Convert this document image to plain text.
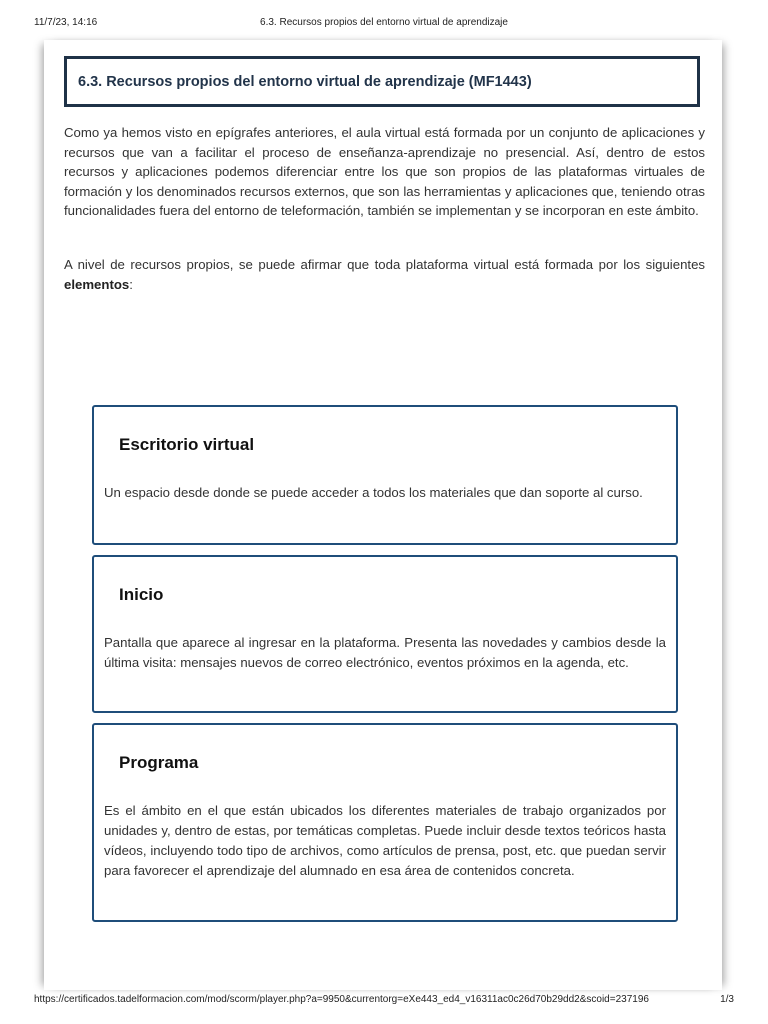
11/7/23, 14:16	6.3. Recursos propios del entorno virtual de aprendizaje
6.3. Recursos propios del entorno virtual de aprendizaje (MF1443)

Como ya hemos visto en epígrafes anteriores, el aula virtual está formada por un conjunto de aplicaciones y recursos que van a facilitar el proceso de enseñanza-aprendizaje no presencial. Así, dentro de estos recursos y aplicaciones podemos diferenciar entre los que son propios de las plataformas virtuales de formación y los denominados recursos externos, que son las herramientas y aplicaciones que, teniendo otras funcionalidades fuera del entorno de teleformación, también se implementan y se incorporan en este ámbito.

A nivel de recursos propios, se puede afirmar que toda plataforma virtual está formada por los siguientes elementos:

Escritorio virtual

Un espacio desde donde se puede acceder a todos los materiales que dan soporte al curso.

Inicio

Pantalla que aparece al ingresar en la plataforma. Presenta las novedades y cambios desde la última visita: mensajes nuevos de correo electrónico, eventos próximos en la agenda, etc.

Programa

Es el ámbito en el que están ubicados los diferentes materiales de trabajo organizados por unidades y, dentro de estas, por temáticas completas. Puede incluir desde textos teóricos hasta vídeos, incluyendo todo tipo de archivos, como artículos de prensa, post, etc. que puedan servir para favorecer el aprendizaje del alumnado en esa área de contenidos concreta.

https://certificados.tadelformacion.com/mod/scorm/player.php?a=9950&currentorg=eXe443_ed4_v16311ac0c26d70b29dd2&scoid=237196	1/3
